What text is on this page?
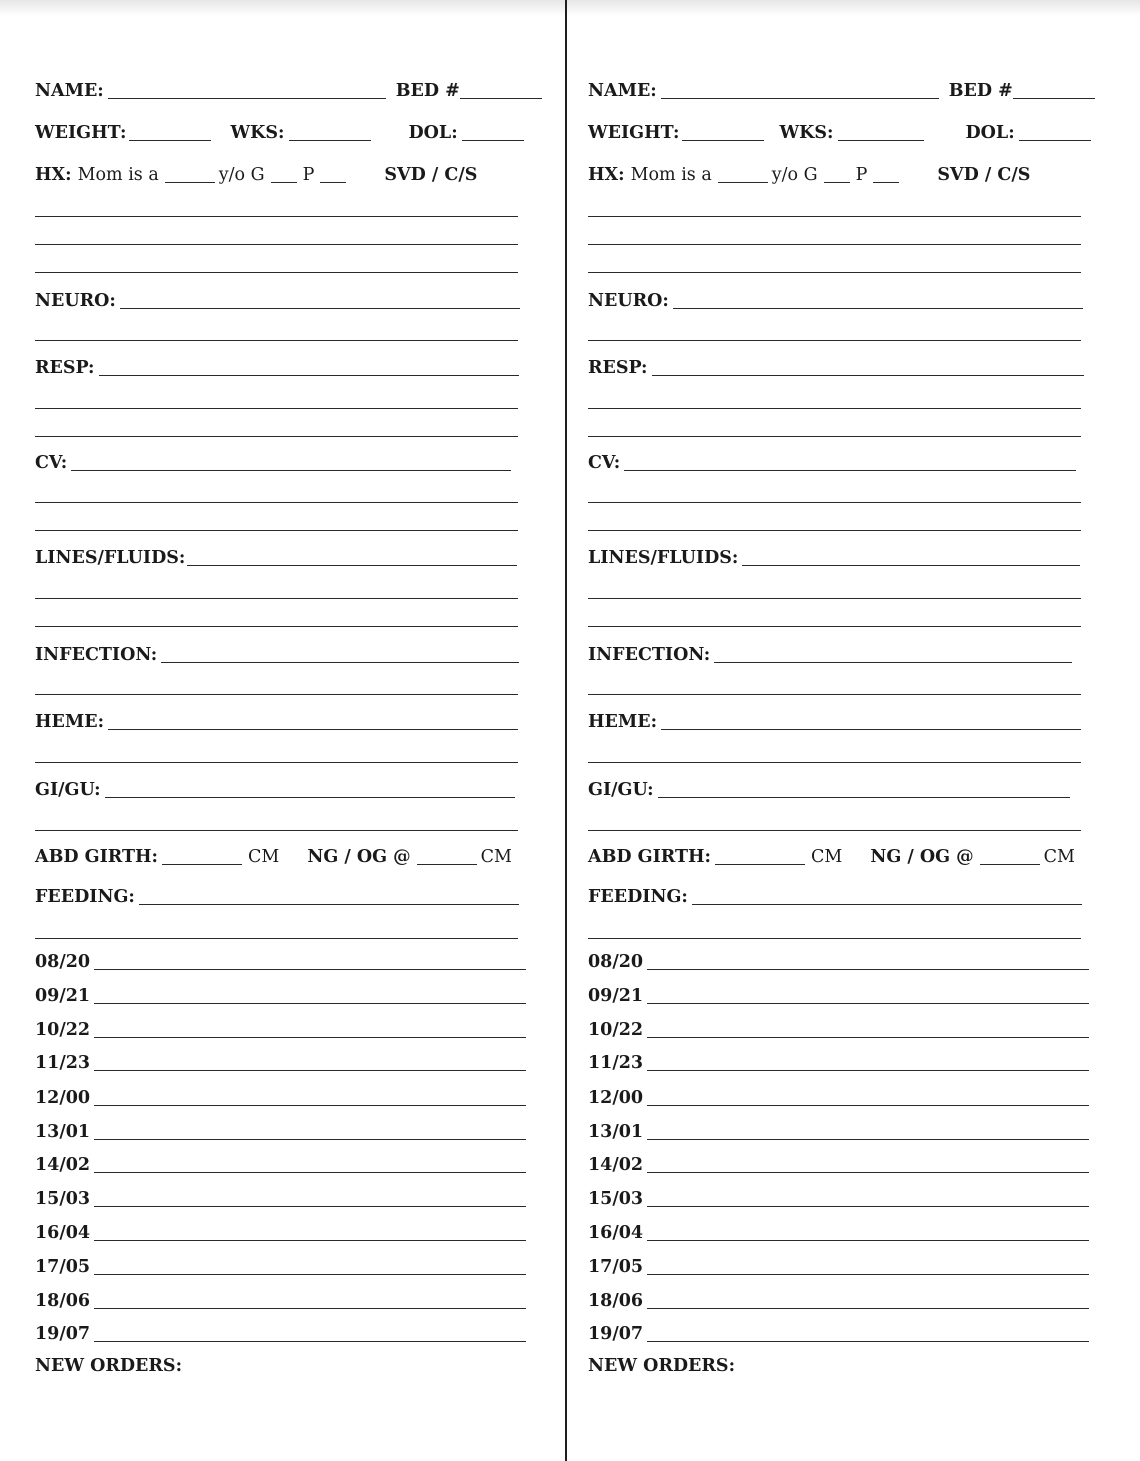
NAME:	BED #
WEIGHT:	WKS:	DOL:
HX: Mom is a	y/o G P	SVD / C/S
NEURO:
RESP:
CV:
LINES/FLUIDS:
INFECTION:
HEME:
GI/GU:
ABD GIRTH:	CM NG / OG @	CM
FEEDING:
08/20
09/21
10/22
11/23
12/00
13/01
14/02
15/03
16/04
17/05
18/06
19/07
NEW ORDERS:
NAME:	BED #
WEIGHT:	WKS:	DOL:
HX: Mom is a	y/o G P	SVD / C/S
NEURO:
RESP:
CV:
LINES/FLUIDS:
INFECTION:
HEME:
GI/GU:
ABD GIRTH:	CM NG / OG @	CM
FEEDING:
08/20
09/21
10/22
11/23
12/00
13/01
14/02
15/03
16/04
17/05
18/06
19/07
NEW ORDERS:
